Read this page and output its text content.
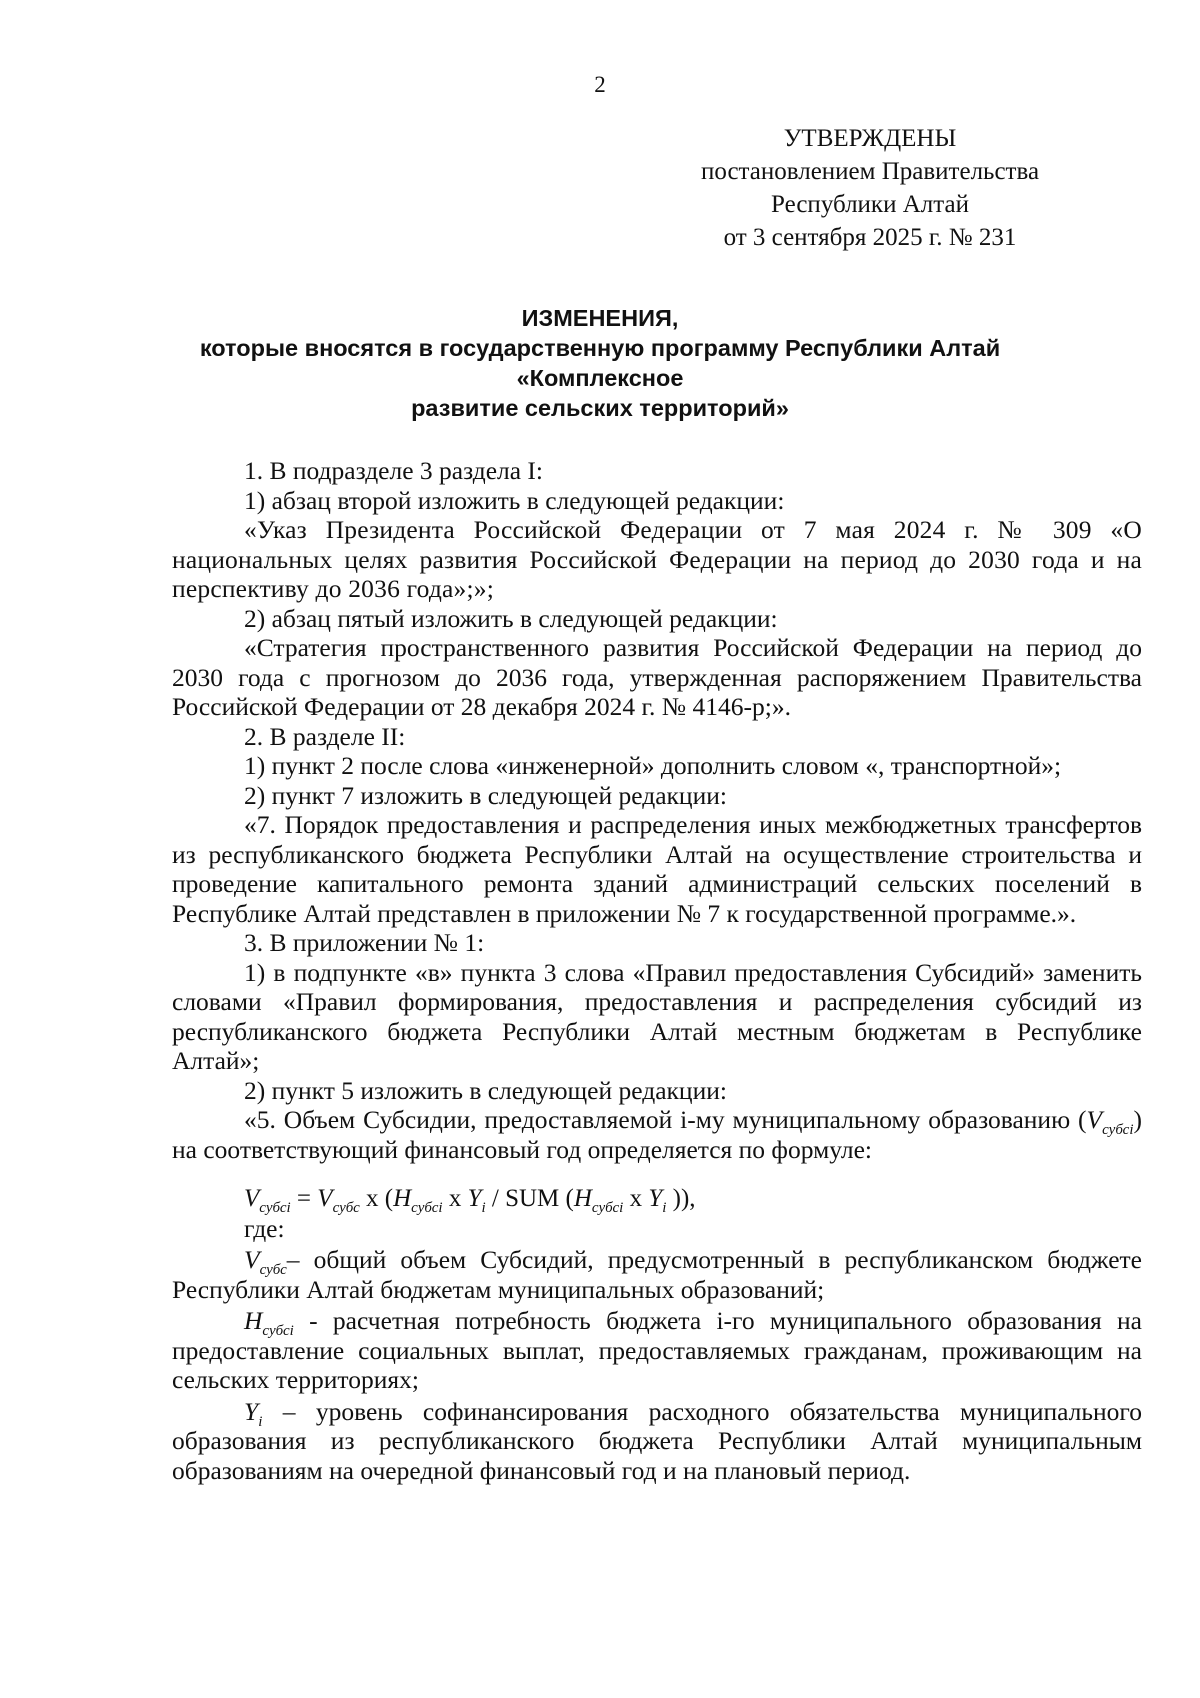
2
УТВЕРЖДЕНЫ
постановлением Правительства
Республики Алтай
от 3 сентября 2025 г. № 231
ИЗМЕНЕНИЯ,
которые вносятся в государственную программу Республики Алтай «Комплексное
развитие сельских территорий»

1. В подразделе 3 раздела I:

1) абзац второй изложить в следующей редакции:

«Указ Президента Российской Федерации от 7 мая 2024 г. № 309 «О национальных целях развития Российской Федерации на период до 2030 года и на перспективу до 2036 года»;»;

2) абзац пятый изложить в следующей редакции:

«Стратегия пространственного развития Российской Федерации на период до 2030 года с прогнозом до 2036 года, утвержденная распоряжением Правительства Российской Федерации от 28 декабря 2024 г. № 4146-р;».

2. В разделе II:

1) пункт 2 после слова «инженерной» дополнить словом «, транспортной»;

2) пункт 7 изложить в следующей редакции:

«7. Порядок предоставления и распределения иных межбюджетных трансфертов из республиканского бюджета Республики Алтай на осуществление строительства и проведение капитального ремонта зданий администраций сельских поселений в Республике Алтай представлен в приложении № 7 к государственной программе.».

3. В приложении № 1:

1) в подпункте «в» пункта 3 слова «Правил предоставления Субсидий» заменить словами «Правил формирования, предоставления и распределения субсидий из республиканского бюджета Республики Алтай местным бюджетам в Республике Алтай»;

2) пункт 5 изложить в следующей редакции:

«5. Объем Субсидии, предоставляемой i-му муниципальному образованию $(V_{субсi})$ на соответствующий финансовый год определяется по формуле:

$V_{субсi} = V_{субс}$ x ($H_{субсi}$ x $Y_i$ / SUM ($H_{субсi}$ x $Y_i$ )),

где:

$V_{субс}-$ общий объем Субсидий, предусмотренный в республиканском бюджете Республики Алтай бюджетам муниципальных образований;

$H_{субсi}$ - расчетная потребность бюджета i-го муниципального образования на предоставление социальных выплат, предоставляемых гражданам, проживающим на сельских территориях;

$Y_i$ – уровень софинансирования расходного обязательства муниципального образования из республиканского бюджета Республики Алтай муниципальным образованиям на очередной финансовый год и на плановый период.
